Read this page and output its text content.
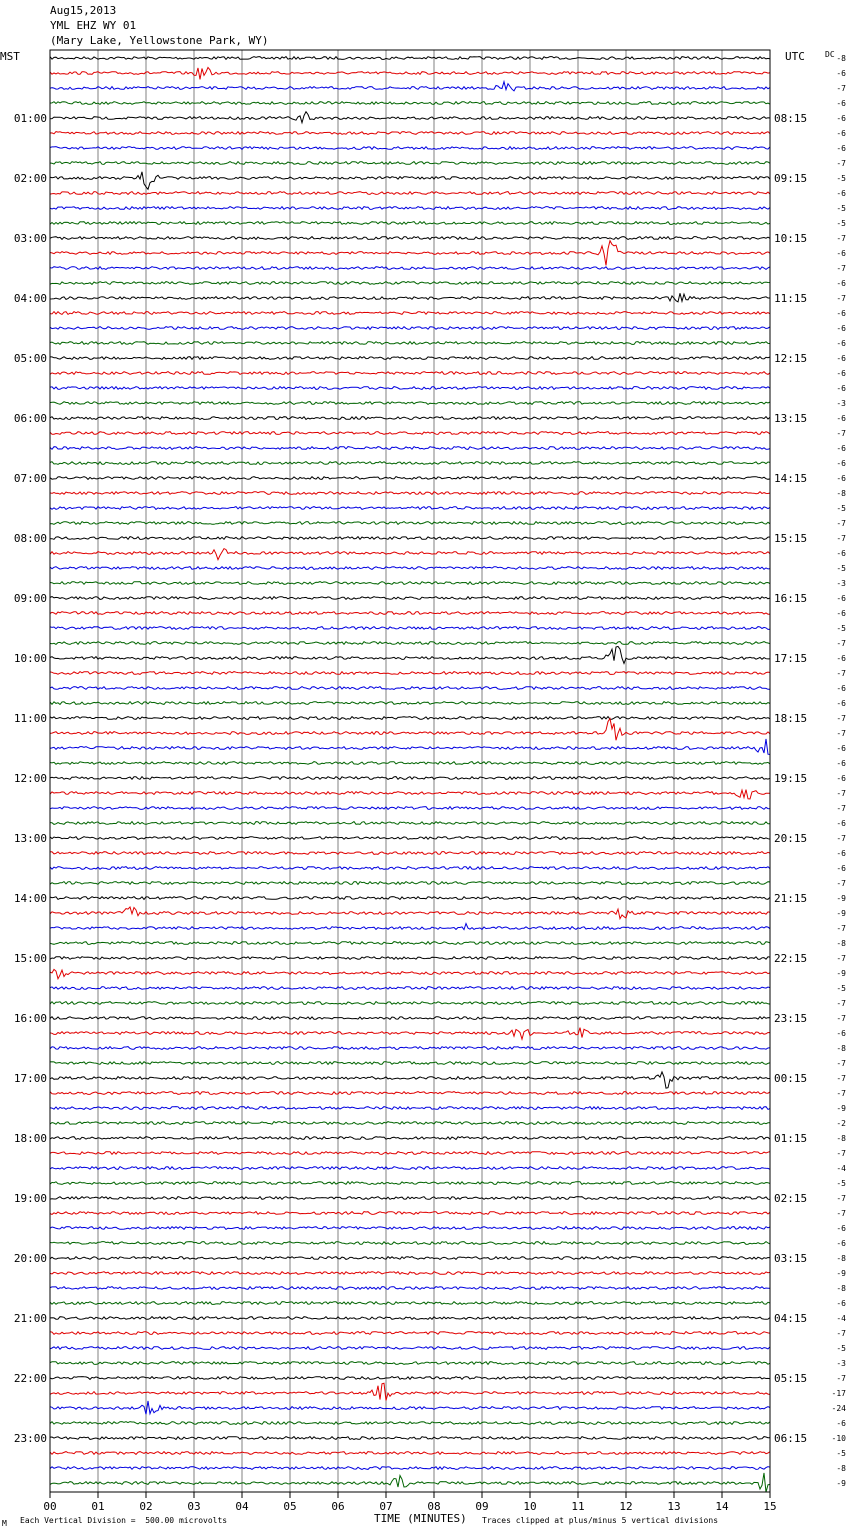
Aug15,2013
YML EHZ WY 01
(Mary Lake, Yellowstone Park, WY)
MST	UTC	DC
00	01	02	03	04	05	06	07	08	09	10	11	12	13	14	15
-8
-6
-7
-6
-6
-6
-6
-7
-5
-6
-5
-5
-7
-6
-7
-6
-7
-6
-6
-6
-6
-6
-6
-3
-6
-7
-6
-6
-6
-8
-5
-7
-7
-6
-5
-3
-6
-6
-5
-7
-6
-7
-6
-6
-7
-7
-6
-6
-6
-7
-7
-6
-7
-6
-6
-7
-9
-9
-7
-8
-7
-9
-5
-7
-7
-6
-8
-7
-7
-7
-9
-2
-8
-7
-4
-5
-7
-7
-6
-6
-8
-9
-8
-6
-4
-7
-5
-3
-7
-17
-24
-6
-10
-5
-8
-9
01:00	08:15
02:00	09:15
03:00	10:15
04:00	11:15
05:00	12:15
06:00	13:15
07:00	14:15
08:00	15:15
09:00	16:15
10:00	17:15
11:00	18:15
12:00	19:15
13:00	20:15
14:00	21:15
15:00	22:15
16:00	23:15
17:00	00:15
18:00	01:15
19:00	02:15
20:00	03:15
21:00	04:15
22:00	05:15
23:00	06:15
M Each Vertical Division =  500.00 microvolts	TIME (MINUTES) Traces clipped at plus/minus 5 vertical divisions
